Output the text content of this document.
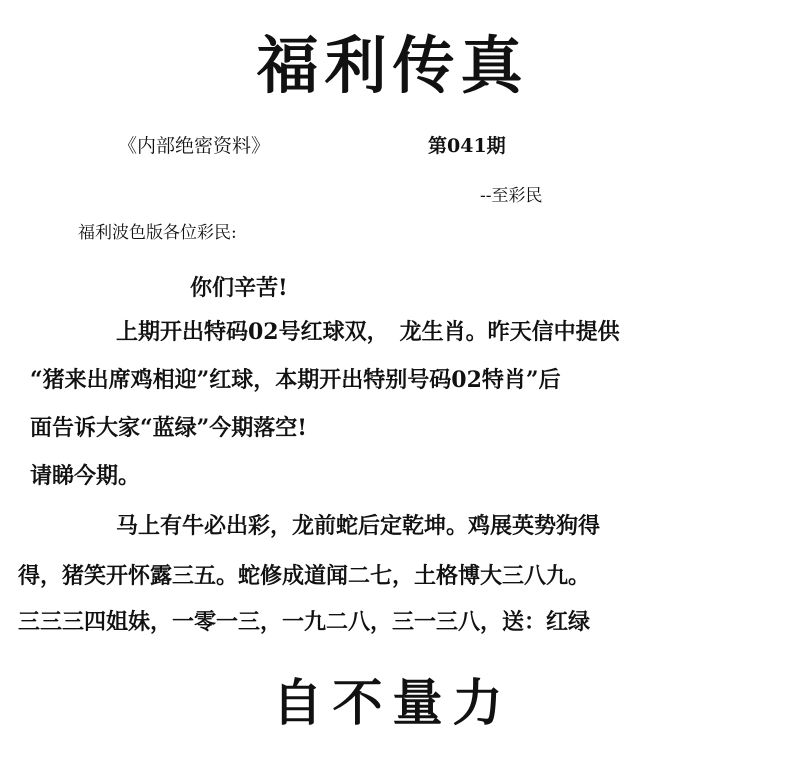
福利传真
《内部绝密资料》	第041期
--至彩民
福利波色版各位彩民:
你们辛苦!
　　上期开出特码02号红球双，　龙生肖。昨天信中提供
“猪来出席鸡相迎”红球，本期开出特别号码02特肖”后
面告诉大家“蓝绿”今期落空!
请睇今期。
　　马上有牛必出彩，龙前蛇后定乾坤。鸡展英势狗得
得，猪笑开怀露三五。蛇修成道闻二七，土格博大三八九。
三三三四姐妹，一零一三，一九二八，三一三八，送：红绿
自不量力
